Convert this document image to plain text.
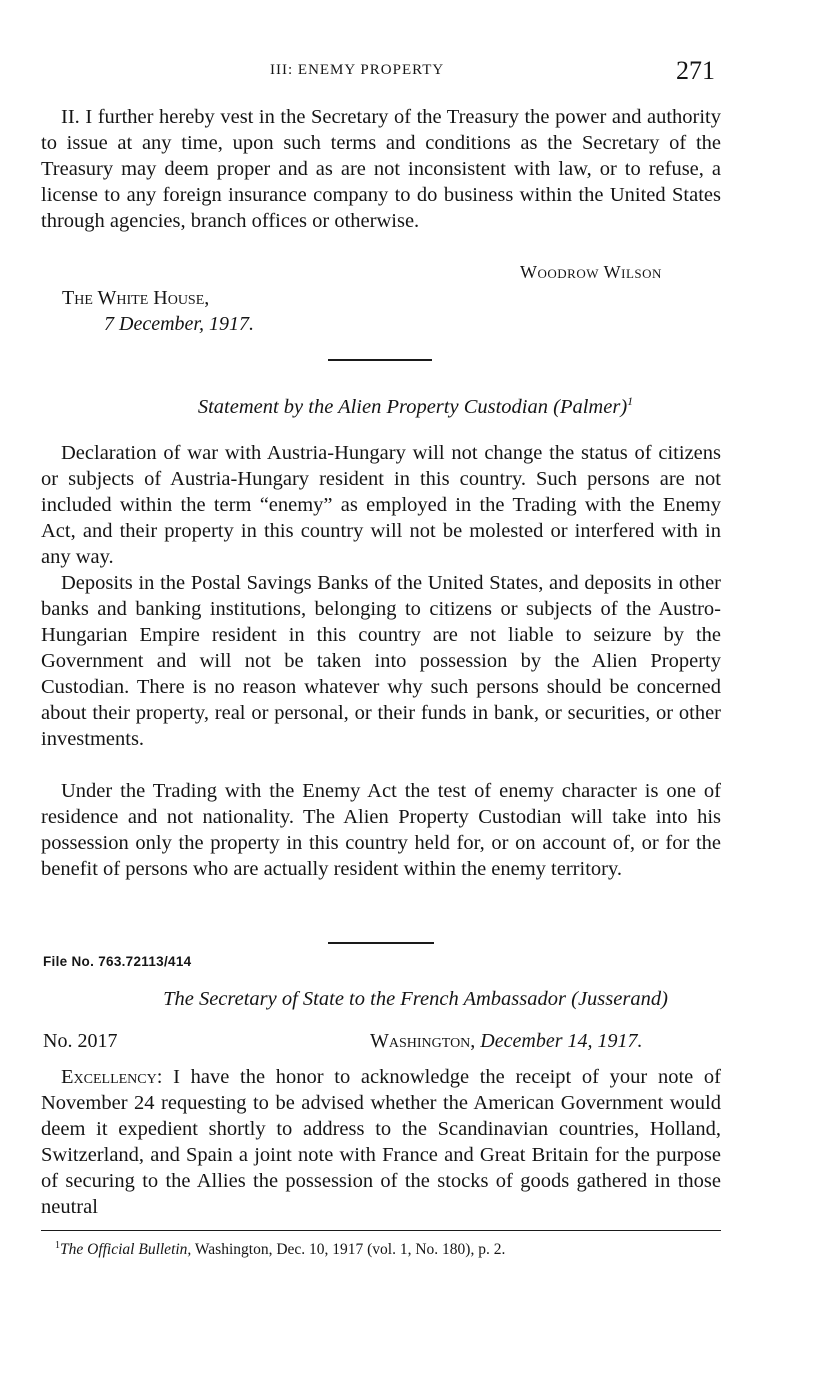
III: ENEMY PROPERTY	271

II. I further hereby vest in the Secretary of the Treasury the power and authority to issue at any time, upon such terms and conditions as the Secretary of the Treasury may deem proper and as are not inconsistent with law, or to refuse, a license to any foreign insurance company to do business within the United States through agencies, branch offices or otherwise.

Woodrow Wilson
The White House,
7 December, 1917.
Statement by the Alien Property Custodian (Palmer)$^1$

Declaration of war with Austria-Hungary will not change the status of citizens or subjects of Austria-Hungary resident in this country. Such persons are not included within the term “enemy” as employed in the Trading with the Enemy Act, and their property in this country will not be molested or interfered with in any way.

Deposits in the Postal Savings Banks of the United States, and deposits in other banks and banking institutions, belonging to citizens or subjects of the Austro-Hungarian Empire resident in this country are not liable to seizure by the Government and will not be taken into possession by the Alien Property Custodian. There is no reason whatever why such persons should be concerned about their property, real or personal, or their funds in bank, or securities, or other investments.

Under the Trading with the Enemy Act the test of enemy character is one of residence and not nationality. The Alien Property Custodian will take into his possession only the property in this country held for, or on account of, or for the benefit of persons who are actually resident within the enemy territory.

File No. 763.72113/414
The Secretary of State to the French Ambassador (Jusserand)
No. 2017	Washington, December 14, 1917.

Excellency: I have the honor to acknowledge the receipt of your note of November 24 requesting to be advised whether the American Government would deem it expedient shortly to address to the Scandinavian countries, Holland, Switzerland, and Spain a joint note with France and Great Britain for the purpose of securing to the Allies the possession of the stocks of goods gathered in those neutral

$^1$The Official Bulletin, Washington, Dec. 10, 1917 (vol. 1, No. 180), p. 2.
